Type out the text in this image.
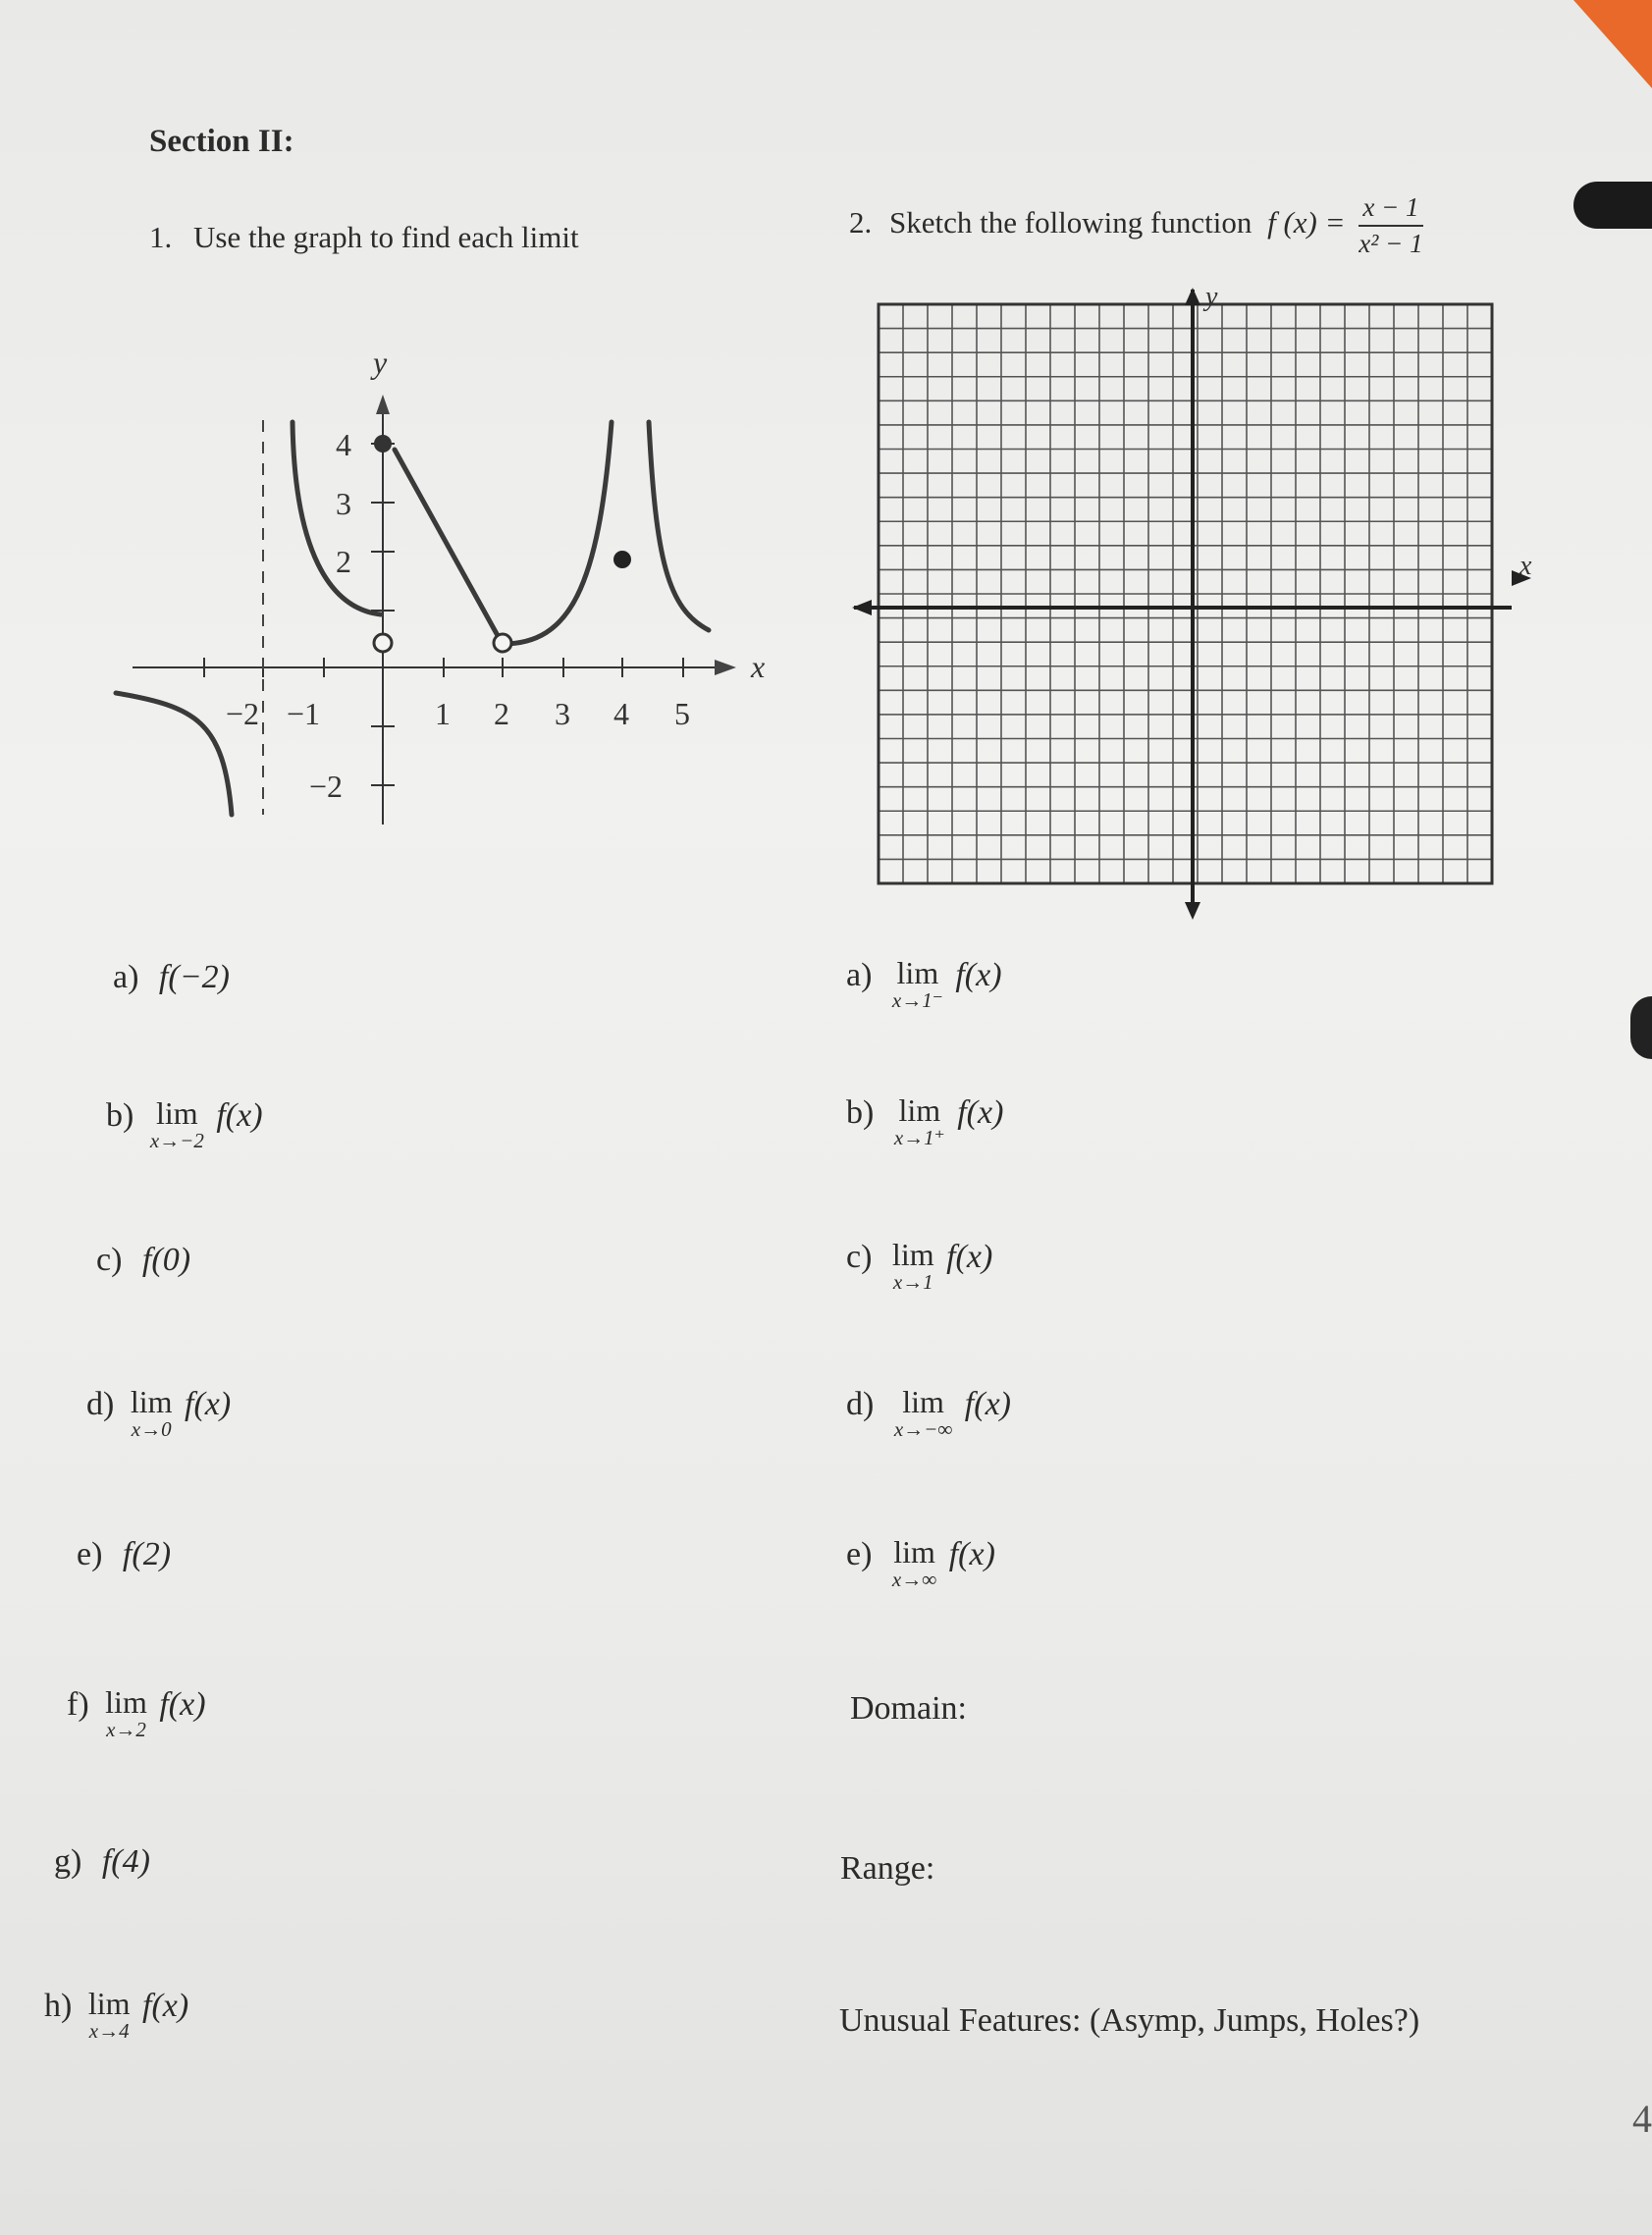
Section II:
1. Use the graph to find each limit	2. Sketch the following function f $(x) = \frac{x - 1}{\text{x² − 1}}$
y
x
−2 −1	1 2 3 4 5
4
3
2
−2
y
x
a) f(−2)
b) lim
x→−2
f(x)
c) f(0)
d) lim
x→0
f(x)
e) f(2)
f) lim
x→2
f(x)
g) f(4)
h) lim
x→4
f(x)
a) lim
x→1⁻
f(x)
b) lim
x→1⁺
f(x)
c) lim
x→1
f(x)
d) lim
x→−∞
f(x)
e) lim
x→∞
f(x)
Domain:
Range:
Unusual Features: (Asymp, Jumps, Holes?)
4
